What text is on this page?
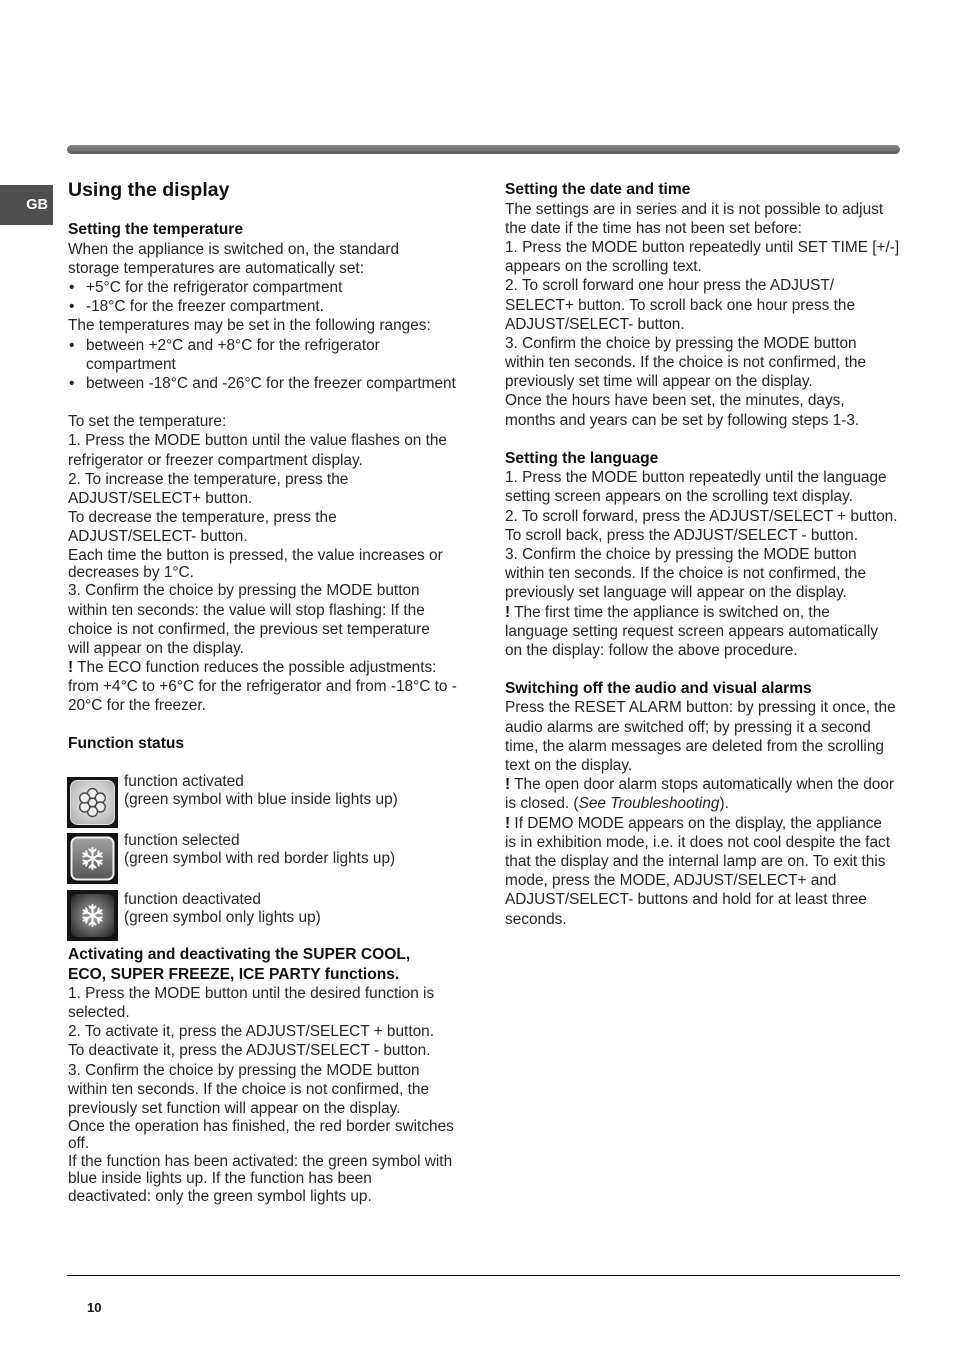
GB
Using the display
Setting the temperature
When the appliance is switched on, the standard
storage temperatures are automatically set:
• +5°C for the refrigerator compartment
• -18°C for the freezer compartment.
The temperatures may be set in the following ranges:
• between +2°C and +8°C for the refrigerator
compartment
• between -18°C and -26°C for the freezer compartment
To set the temperature:
1. Press the MODE button until the value flashes on the
refrigerator or freezer compartment display.
2. To increase the temperature, press the
ADJUST/SELECT+ button.
To decrease the temperature, press the
ADJUST/SELECT- button.
Each time the button is pressed, the value increases or
decreases by 1°C.
3. Confirm the choice by pressing the MODE button
within ten seconds: the value will stop flashing: If the
choice is not confirmed, the previous set temperature
will appear on the display.
! The ECO function reduces the possible adjustments:
from +4°C to +6°C for the refrigerator and from -18°C to -
20°C for the freezer.
Function status
function activated
(green symbol with blue inside lights up)
function selected
(green symbol with red border lights up)
function deactivated
(green symbol only lights up)
Activating and deactivating the SUPER COOL,
ECO, SUPER FREEZE, ICE PARTY functions.
1. Press the MODE button until the desired function is
selected.
2. To activate it, press the ADJUST/SELECT + button.
To deactivate it, press the ADJUST/SELECT - button.
3. Confirm the choice by pressing the MODE button
within ten seconds. If the choice is not confirmed, the
previously set function will appear on the display.
Once the operation has finished, the red border switches
off.
If the function has been activated: the green symbol with
blue inside lights up. If the function has been
deactivated: only the green symbol lights up.
Setting the date and time
The settings are in series and it is not possible to adjust
the date if the time has not been set before:
1. Press the MODE button repeatedly until SET TIME [+/-]
appears on the scrolling text.
2. To scroll forward one hour press the ADJUST/
SELECT+ button. To scroll back one hour press the
ADJUST/SELECT- button.
3. Confirm the choice by pressing the MODE button
within ten seconds. If the choice is not confirmed, the
previously set time will appear on the display.
Once the hours have been set, the minutes, days,
months and years can be set by following steps 1-3.
Setting the language
1. Press the MODE button repeatedly until the language
setting screen appears on the scrolling text display.
2. To scroll forward, press the ADJUST/SELECT + button.
To scroll back, press the ADJUST/SELECT - button.
3. Confirm the choice by pressing the MODE button
within ten seconds. If the choice is not confirmed, the
previously set language will appear on the display.
! The first time the appliance is switched on, the
language setting request screen appears automatically
on the display: follow the above procedure.
Switching off the audio and visual alarms
Press the RESET ALARM button: by pressing it once, the
audio alarms are switched off; by pressing it a second
time, the alarm messages are deleted from the scrolling
text on the display.
! The open door alarm stops automatically when the door
is closed. (See Troubleshooting).
! If DEMO MODE appears on the display, the appliance
is in exhibition mode, i.e. it does not cool despite the fact
that the display and the internal lamp are on. To exit this
mode, press the MODE, ADJUST/SELECT+ and
ADJUST/SELECT- buttons and hold for at least three
seconds.
10
